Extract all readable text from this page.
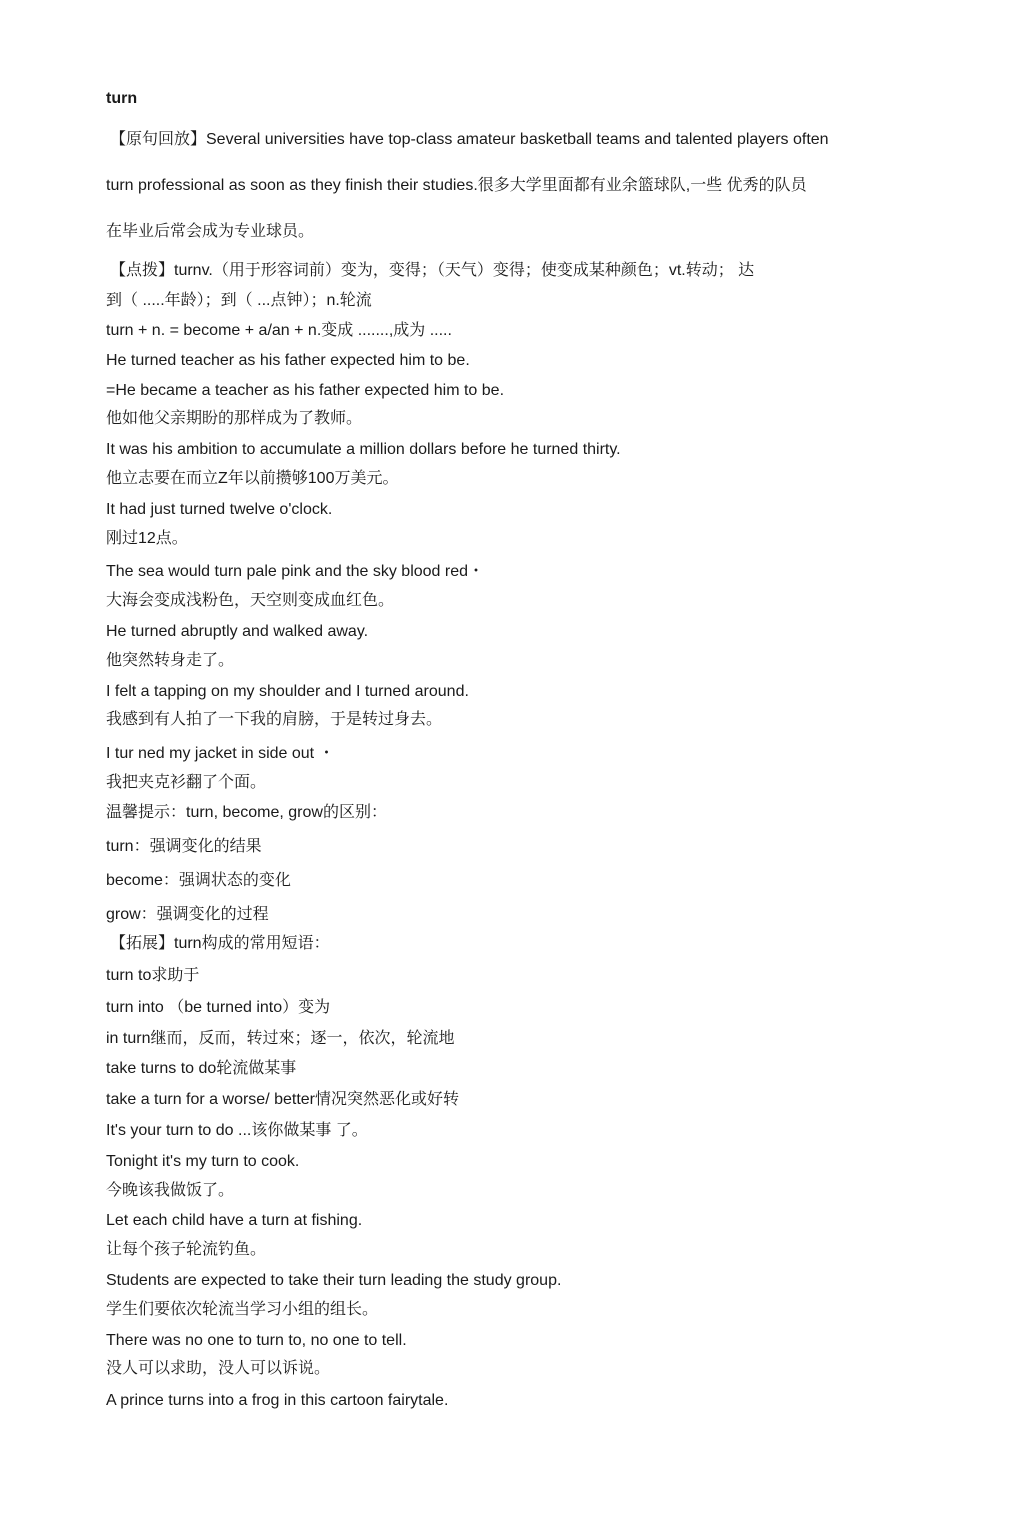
turn
【原句回放】Several universities have top-class amateur basketball teams and talented players often
turn professional as soon as they finish their studies.很多大学里面都有业余篮球队,一些 优秀的队员
在毕业后常会成为专业球员。
【点拨】turnv.（用于形容词前）变为，变得；（天气）变得；使变成某种颜色；vt.转动； 达
到（ .....年龄）；到（ ...点钟）；n.轮流
turn + n. = become + a/an + n.变成 .......,成为 .....
He turned teacher as his father expected him to be.
=He became a teacher as his father expected him to be.
他如他父亲期盼的那样成为了教师。
It was his ambition to accumulate a million dollars before he turned thirty.
他立志要在而立Z年以前攒够100万美元。
It had just turned twelve o'clock.
刚过12点。
The sea would turn pale pink and the sky blood red・
大海会变成浅粉色，天空则变成血红色。
He turned abruptly and walked away.
他突然转身走了。
I felt a tapping on my shoulder and I turned around.
我感到有人拍了一下我的肩膀，于是转过身去。
I tur ned my jacket in side out ・
我把夹克衫翻了个面。
温馨提示：turn, become, grow的区别：
turn：强调变化的结果
become：强调状态的变化
grow：强调变化的过程
【拓展】turn构成的常用短语：
turn to求助于
turn into （be turned into）变为
in turn继而，反而，转过來；逐一，依次，轮流地
take turns to do轮流做某事
take a turn for a worse/ better情况突然恶化或好转
It's your turn to do ...该你做某事 了。
Tonight it's my turn to cook.
今晚该我做饭了。
Let each child have a turn at fishing.
让每个孩子轮流钓鱼。
Students are expected to take their turn leading the study group.
学生们要依次轮流当学习小组的组长。
There was no one to turn to, no one to tell.
没人可以求助，没人可以诉说。
A prince turns into a frog in this cartoon fairytale.
